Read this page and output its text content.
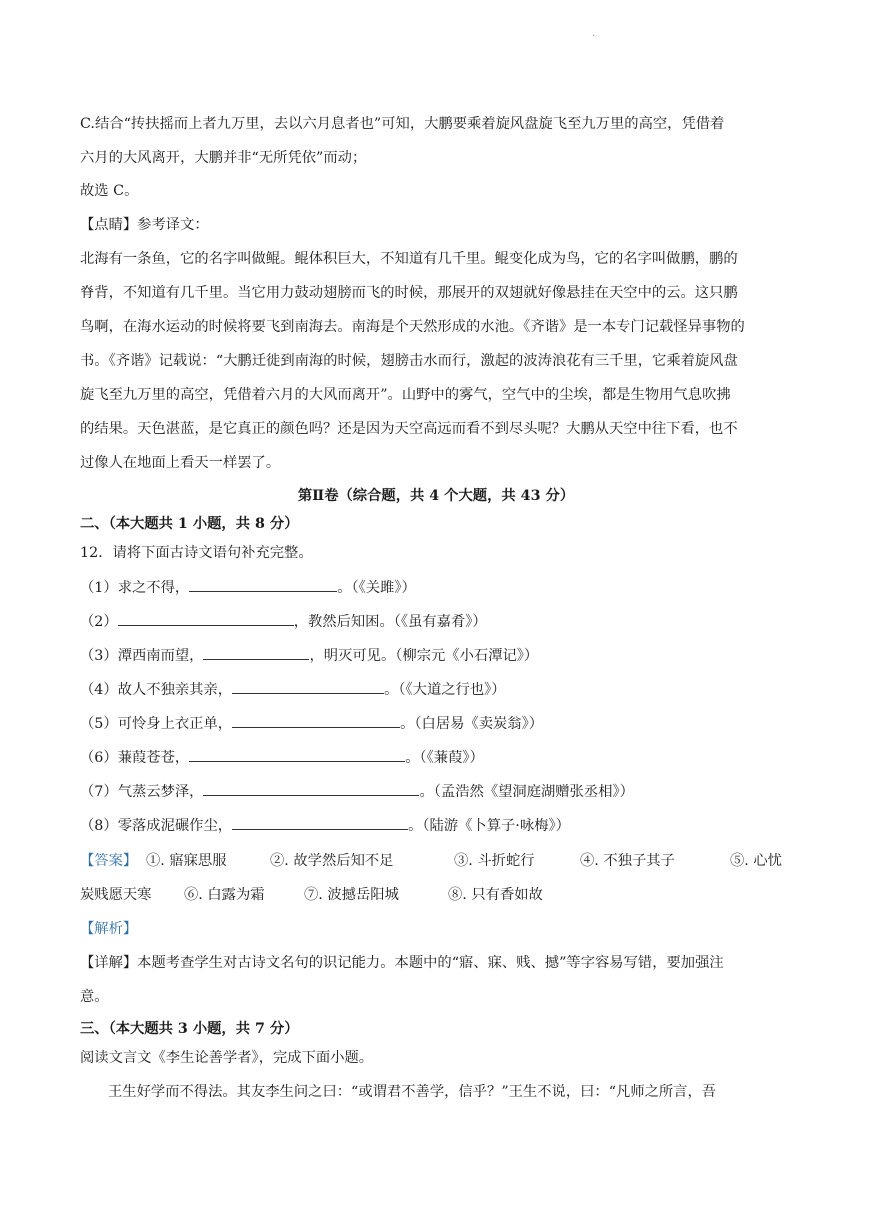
.
C.结合“抟扶摇而上者九万里，去以六月息者也”可知，大鹏要乘着旋风盘旋飞至九万里的高空，凭借着
六月的大风离开，大鹏并非“无所凭依”而动；
故选 C。
【点睛】参考译文：
北海有一条鱼，它的名字叫做鲲。鲲体积巨大，不知道有几千里。鲲变化成为鸟，它的名字叫做鹏，鹏的
脊背，不知道有几千里。当它用力鼓动翅膀而飞的时候，那展开的双翅就好像悬挂在天空中的云。这只鹏
鸟啊，在海水运动的时候将要飞到南海去。南海是个天然形成的水池。《齐谐》是一本专门记载怪异事物的
书。《齐谐》记载说：“大鹏迁徙到南海的时候，翅膀击水而行，激起的波涛浪花有三千里，它乘着旋风盘
旋飞至九万里的高空，凭借着六月的大风而离开”。山野中的雾气，空气中的尘埃，都是生物用气息吹拂
的结果。天色湛蓝，是它真正的颜色吗？还是因为天空高远而看不到尽头呢？大鹏从天空中往下看，也不
过像人在地面上看天一样罢了。
第Ⅱ卷（综合题，共 4 个大题，共 43 分）
二、（本大题共 1 小题，共 8 分）
12．请将下面古诗文语句补充完整。
（1）求之不得，	。（《关雎》）
（2）	，教然后知困。（《虽有嘉肴》）
（3）潭西南而望，	，明灭可见。（柳宗元《小石潭记》）
（4）故人不独亲其亲，	。（《大道之行也》）
（5）可怜身上衣正单，	。（白居易《卖炭翁》）
（6）蒹葭苍苍，	。（《蒹葭》）
（7）气蒸云梦泽，	。（孟浩然《望洞庭湖赠张丞相》）
（8）零落成泥碾作尘，	。（陆游《卜算子·咏梅》）
【答案】 ①. 寤寐思服	②. 故学然后知不足	③. 斗折蛇行	④. 不独子其子	⑤. 心忧
炭贱愿天寒 ⑥. 白露为霜	⑦. 波撼岳阳城	⑧. 只有香如故
【解析】
【详解】本题考查学生对古诗文名句的识记能力。本题中的“寤、寐、贱、撼”等字容易写错，要加强注
意。
三、（本大题共 3 小题，共 7 分）
阅读文言文《李生论善学者》，完成下面小题。
王生好学而不得法。其友李生问之曰：“或谓君不善学，信乎？”王生不说，曰：“凡师之所言，吾
